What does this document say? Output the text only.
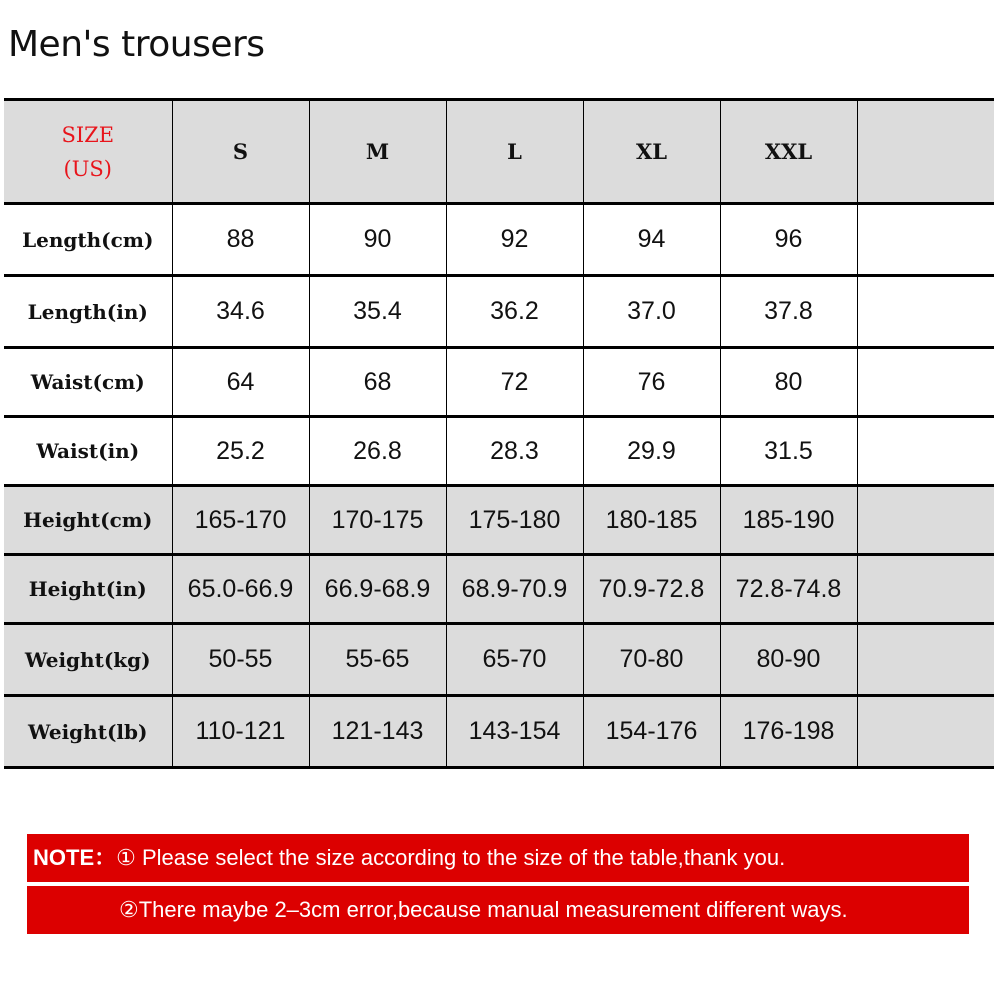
Men's trousers
SIZE
(US)	S	M	L	XL	XXL	
Length(cm)	88	90	92	94	96	
Length(in)	34.6	35.4	36.2	37.0	37.8	
Waist(cm)	64	68	72	76	80	
Waist(in)	25.2	26.8	28.3	29.9	31.5	
Height(cm)	165-170	170-175	175-180	180-185	185-190	
Height(in)	65.0-66.9	66.9-68.9	68.9-70.9	70.9-72.8	72.8-74.8	
Weight(kg)	50-55	55-65	65-70	70-80	80-90	
Weight(lb)	110-121	121-143	143-154	154-176	176-198	
NOTE：① Please select the size according to the size of the table,thank you.
②There maybe 2–3cm error,because manual measurement different ways.
